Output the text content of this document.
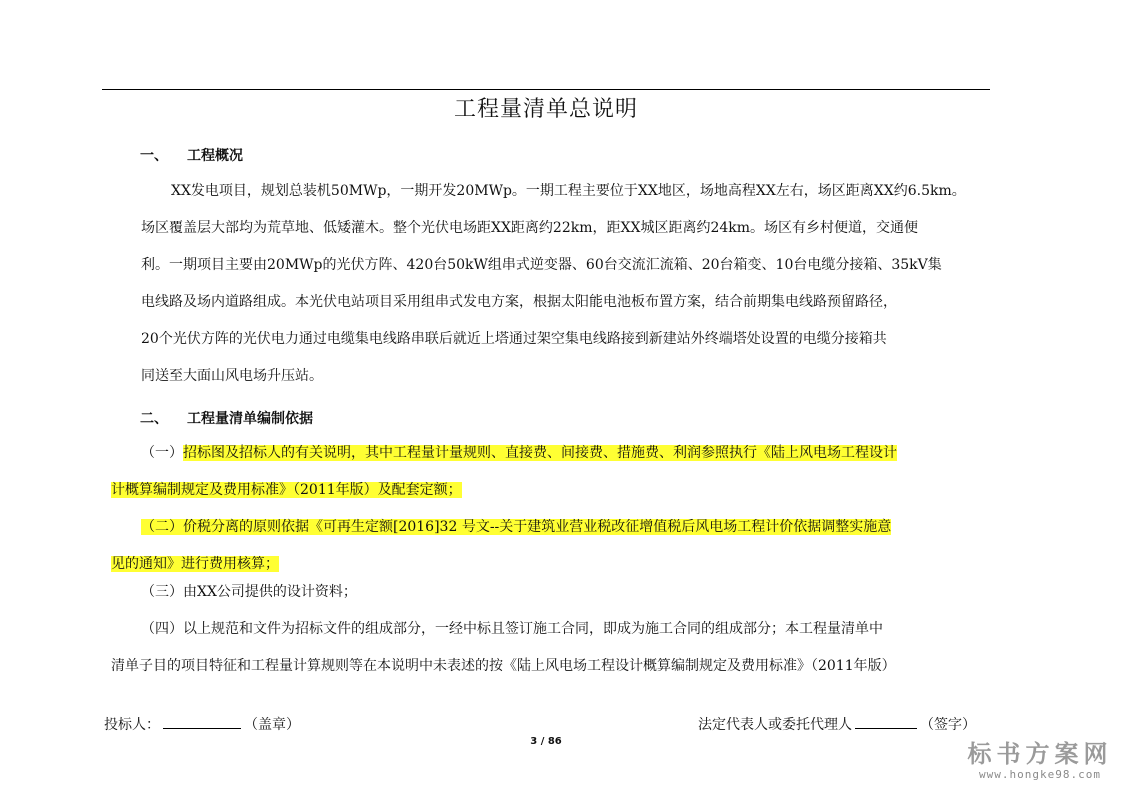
工程量清单总说明
一、 工程概况
XX发电项目，规划总装机50MWp，一期开发20MWp。一期工程主要位于XX地区，场地高程XX左右，场区距离XX约6.5km。
场区覆盖层大部均为荒草地、低矮灌木。整个光伏电场距XX距离约22km，距XX城区距离约24km。场区有乡村便道，交通便
利。一期项目主要由20MWp的光伏方阵、420台50kW组串式逆变器、60台交流汇流箱、20台箱变、10台电缆分接箱、35kV集
电线路及场内道路组成。本光伏电站项目采用组串式发电方案，根据太阳能电池板布置方案，结合前期集电线路预留路径，
20个光伏方阵的光伏电力通过电缆集电线路串联后就近上塔通过架空集电线路接到新建站外终端塔处设置的电缆分接箱共
同送至大面山风电场升压站。
二、 工程量清单编制依据
（一）招标图及招标人的有关说明，其中工程量计量规则、直接费、间接费、措施费、利润参照执行《陆上风电场工程设计
计概算编制规定及费用标准》（2011年版）及配套定额；
（二）价税分离的原则依据《可再生定额[2016]32 号文--关于建筑业营业税改征增值税后风电场工程计价依据调整实施意
见的通知》进行费用核算；
（三）由XX公司提供的设计资料；
（四）以上规范和文件为招标文件的组成部分，一经中标且签订施工合同，即成为施工合同的组成部分；本工程量清单中
清单子目的项目特征和工程量计算规则等在本说明中未表述的按《陆上风电场工程设计概算编制规定及费用标准》（2011年版）
投标人：	（盖章）	法定代表人或委托代理人	（签字）
3 / 86	标书方案网
www.hongke98.com
